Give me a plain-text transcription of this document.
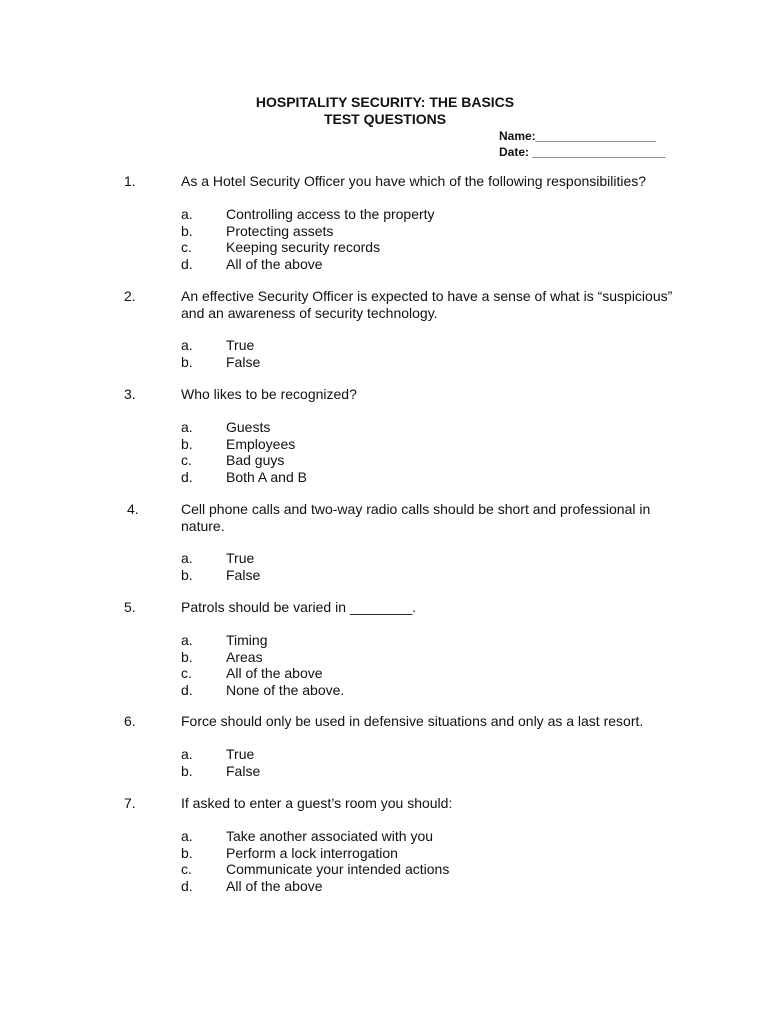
HOSPITALITY SECURITY: THE BASICS
TEST QUESTIONS
Name:__________________
Date: ____________________
1.	As a Hotel Security Officer you have which of the following responsibilities?
a. Controlling access to the property
b. Protecting assets
c. Keeping security records
d. All of the above
2.	An effective Security Officer is expected to have a sense of what is “suspicious” and an awareness of security technology.
a. True
b. False
3.	Who likes to be recognized?
a. Guests
b. Employees
c. Bad guys
d. Both A and B
4.	Cell phone calls and two-way radio calls should be short and professional in nature.
a. True
b. False
5.	Patrols should be varied in ________.
a. Timing
b. Areas
c. All of the above
d. None of the above.
6.	Force should only be used in defensive situations and only as a last resort.
a. True
b. False
7.	If asked to enter a guest’s room you should:
a. Take another associated with you
b. Perform a lock interrogation
c. Communicate your intended actions
d. All of the above
